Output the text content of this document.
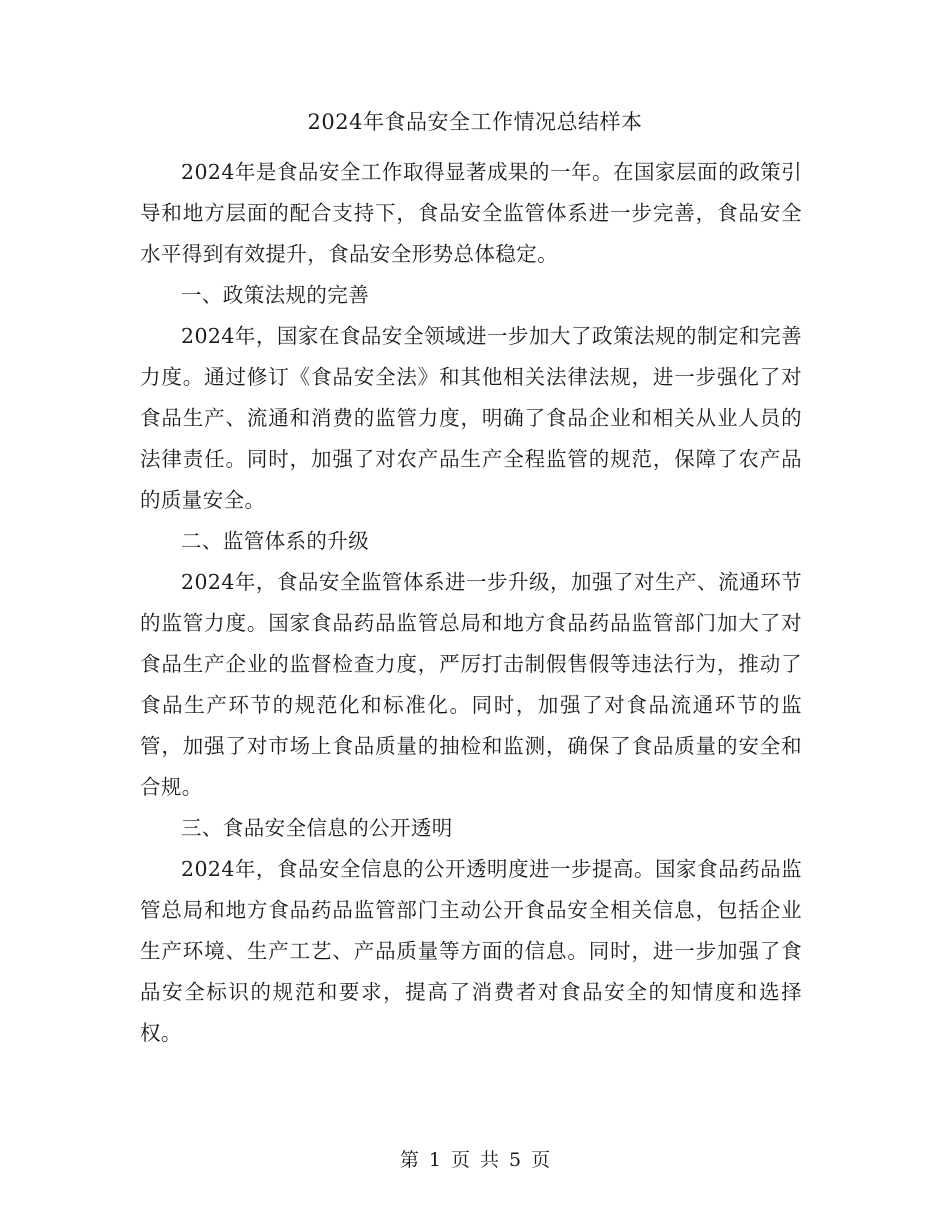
2024年食品安全工作情况总结样本

2024年是食品安全工作取得显著成果的一年。在国家层面的政策引导和地方层面的配合支持下，食品安全监管体系进一步完善，食品安全水平得到有效提升，食品安全形势总体稳定。

一、政策法规的完善

2024年，国家在食品安全领域进一步加大了政策法规的制定和完善力度。通过修订《食品安全法》和其他相关法律法规，进一步强化了对食品生产、流通和消费的监管力度，明确了食品企业和相关从业人员的法律责任。同时，加强了对农产品生产全程监管的规范，保障了农产品的质量安全。

二、监管体系的升级

2024年，食品安全监管体系进一步升级，加强了对生产、流通环节的监管力度。国家食品药品监管总局和地方食品药品监管部门加大了对食品生产企业的监督检查力度，严厉打击制假售假等违法行为，推动了食品生产环节的规范化和标准化。同时，加强了对食品流通环节的监管，加强了对市场上食品质量的抽检和监测，确保了食品质量的安全和合规。

三、食品安全信息的公开透明

2024年，食品安全信息的公开透明度进一步提高。国家食品药品监管总局和地方食品药品监管部门主动公开食品安全相关信息，包括企业生产环境、生产工艺、产品质量等方面的信息。同时，进一步加强了食品安全标识的规范和要求，提高了消费者对食品安全的知情度和选择权。

第 1 页 共 5 页
